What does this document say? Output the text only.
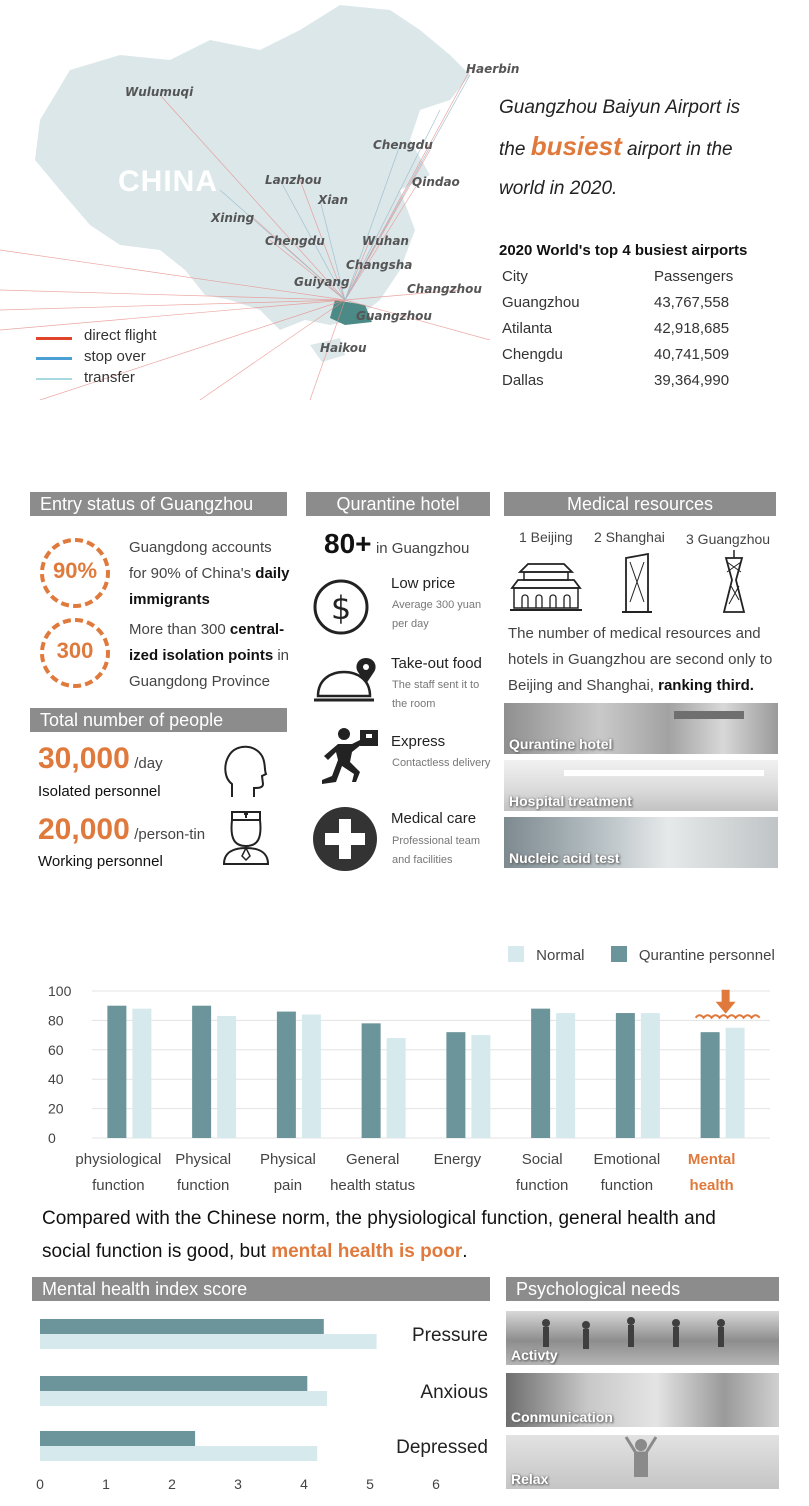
CHINA
Wulumuqi
Haerbin
Chengdu
Lanzhou	Qindao
Xian
Xining
Chengdu	Wuhan
Changsha
Guiyang	Changzhou
Guangzhou
Haikou
direct flight
stop over
transfer
Guangzhou Baiyun Airport is
the busiest airport in the
world in 2020.
2020 World's top 4 busiest airports
City	Passengers
Guangzhou	43,767,558
Atilanta	42,918,685
Chengdu	40,741,509
Dallas	39,364,990
Entry status of Guangzhou
90%
Guangdong accounts
for 90% of China's daily
immigrants
300
More than 300 central-
ized isolation points in
Guangdong Province
Total number of people
30,000 /day
Isolated personnel
20,000 /person-tin
Working personnel
Qurantine hotel
80+ in Guangzhou
$
Low price
Average 300 yuan
per day
Take-out food
The staff sent it to
the room
Express
Contactless delivery
Medical care
Professional team
and facilities
Medical resources
1 Beijing 2 Shanghai 3 Guangzhou
The number of medical resources and
hotels in Guangzhou are second only to
Beijing and Shanghai, ranking third.
Qurantine hotel
Hospital treatment
Nucleic acid test
Normal	Qurantine personnel
0
20
40
60
80
100
physiological
function
Physical
function
Physical
pain
General
health status
Energy
	Social
function
Emotional
function
Mental
health
Compared with the Chinese norm, the physiological function, general health and
social function is good, but mental health is poor.
Mental health index score
Pressure
Anxious
Depressed
0	1	2	3	4	5	6
Psychological needs
Activty
Conmunication
Relax
